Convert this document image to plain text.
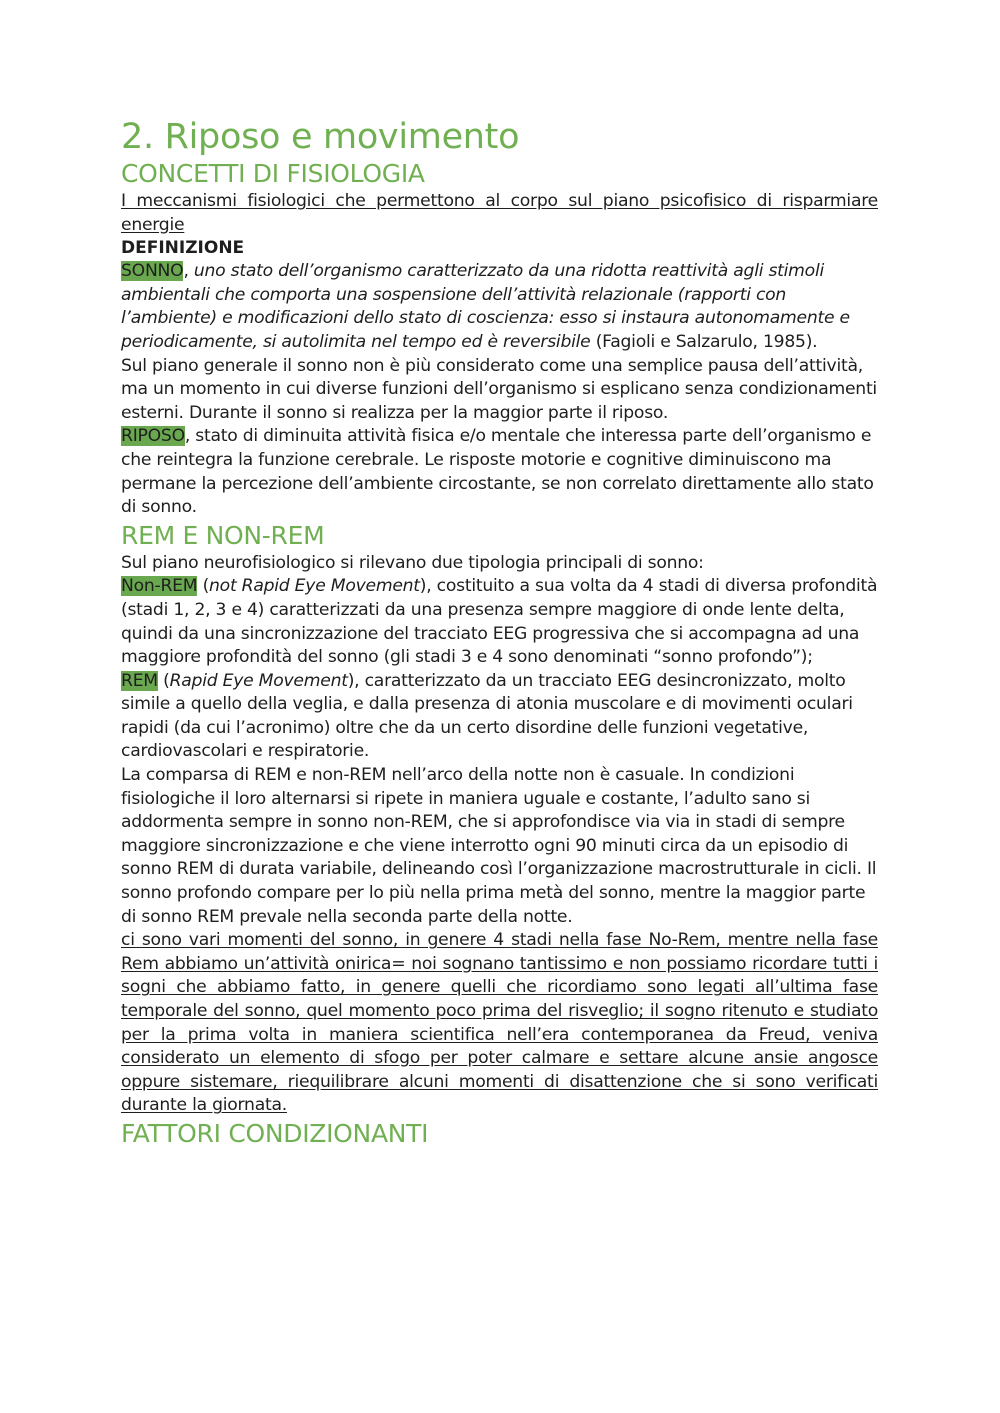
2. Riposo e movimento
CONCETTI DI FISIOLOGIA

I meccanismi fisiologici che permettono al corpo sul piano psicofisico di risparmiare energie

DEFINIZIONE

SONNO, uno stato dell’organismo caratterizzato da una ridotta reattività agli stimoli ambientali che comporta una sospensione dell’attività relazionale (rapporti con l’ambiente) e modificazioni dello stato di coscienza: esso si instaura autonomamente e periodicamente, si autolimita nel tempo ed è reversibile (Fagioli e Salzarulo, 1985).

Sul piano generale il sonno non è più considerato come una semplice pausa dell’attività, ma un momento in cui diverse funzioni dell’organismo si esplicano senza condizionamenti esterni. Durante il sonno si realizza per la maggior parte il riposo.

RIPOSO, stato di diminuita attività fisica e/o mentale che interessa parte dell’organismo e che reintegra la funzione cerebrale. Le risposte motorie e cognitive diminuiscono ma permane la percezione dell’ambiente circostante, se non correlato direttamente allo stato di sonno.

REM E NON-REM

Sul piano neurofisiologico si rilevano due tipologia principali di sonno:

Non-REM (not Rapid Eye Movement), costituito a sua volta da 4 stadi di diversa profondità (stadi 1, 2, 3 e 4) caratterizzati da una presenza sempre maggiore di onde lente delta, quindi da una sincronizzazione del tracciato EEG progressiva che si accompagna ad una maggiore profondità del sonno (gli stadi 3 e 4 sono denominati “sonno profondo”);

REM (Rapid Eye Movement), caratterizzato da un tracciato EEG desincronizzato, molto simile a quello della veglia, e dalla presenza di atonia muscolare e di movimenti oculari rapidi (da cui l’acronimo) oltre che da un certo disordine delle funzioni vegetative, cardiovascolari e respiratorie.

La comparsa di REM e non-REM nell’arco della notte non è casuale. In condizioni fisiologiche il loro alternarsi si ripete in maniera uguale e costante, l’adulto sano si addormenta sempre in sonno non-REM, che si approfondisce via via in stadi di sempre maggiore sincronizzazione e che viene interrotto ogni 90 minuti circa da un episodio di sonno REM di durata variabile, delineando così l’organizzazione macrostrutturale in cicli. Il sonno profondo compare per lo più nella prima metà del sonno, mentre la maggior parte di sonno REM prevale nella seconda parte della notte.

ci sono vari momenti del sonno, in genere 4 stadi nella fase No-Rem, mentre nella fase Rem abbiamo un’attività onirica= noi sognano tantissimo e non possiamo ricordare tutti i sogni che abbiamo fatto, in genere quelli che ricordiamo sono legati all’ultima fase temporale del sonno, quel momento poco prima del risveglio; il sogno ritenuto e studiato per la prima volta in maniera scientifica nell’era contemporanea da Freud, veniva considerato un elemento di sfogo per poter calmare e settare alcune ansie angosce oppure sistemare, riequilibrare alcuni momenti di disattenzione che si sono verificati durante la giornata.

FATTORI CONDIZIONANTI
